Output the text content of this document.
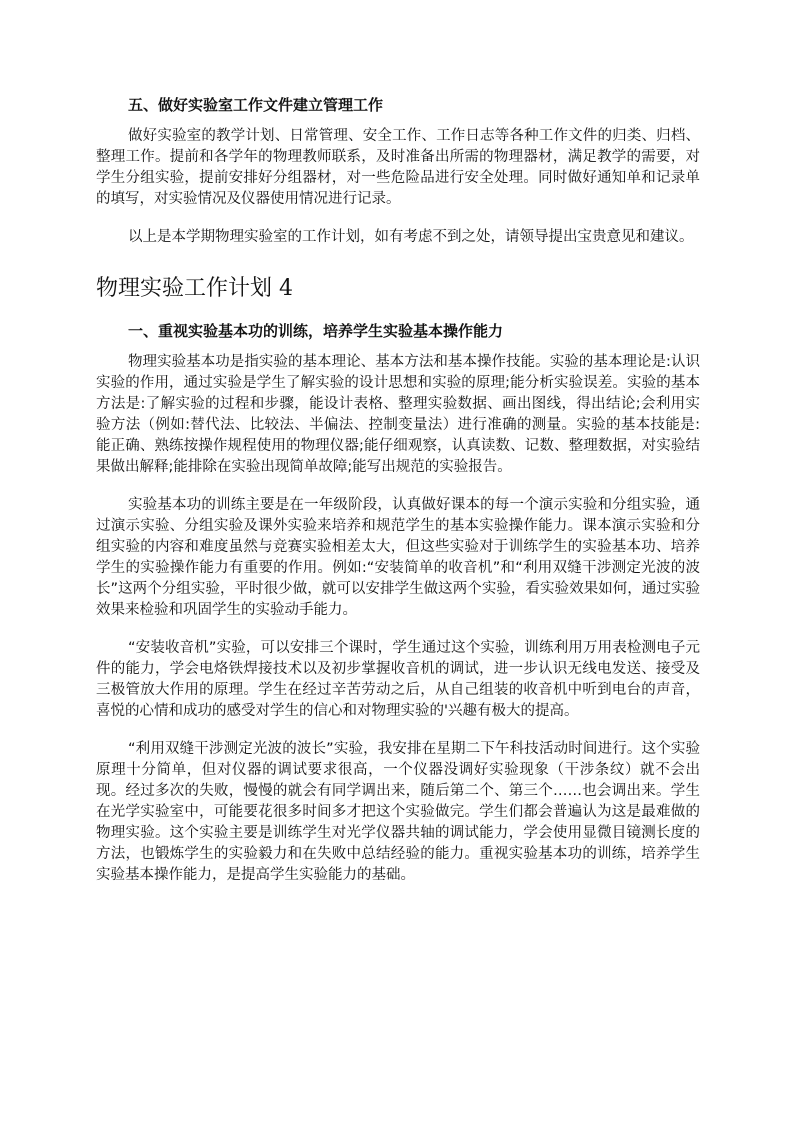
五、做好实验室工作文件建立管理工作

做好实验室的教学计划、日常管理、安全工作、工作日志等各种工作文件的归类、归档、整理工作。提前和各学年的物理教师联系，及时准备出所需的物理器材，满足教学的需要，对学生分组实验，提前安排好分组器材，对一些危险品进行安全处理。同时做好通知单和记录单的填写，对实验情况及仪器使用情况进行记录。

以上是本学期物理实验室的工作计划，如有考虑不到之处，请领导提出宝贵意见和建议。

物理实验工作计划 4
一、重视实验基本功的训练，培养学生实验基本操作能力

物理实验基本功是指实验的基本理论、基本方法和基本操作技能。实验的基本理论是:认识实验的作用，通过实验是学生了解实验的设计思想和实验的原理;能分析实验误差。实验的基本方法是:了解实验的过程和步骤，能设计表格、整理实验数据、画出图线，得出结论;会利用实验方法（例如:替代法、比较法、半偏法、控制变量法）进行准确的测量。实验的基本技能是:能正确、熟练按操作规程使用的物理仪器;能仔细观察，认真读数、记数、整理数据，对实验结果做出解释;能排除在实验出现简单故障;能写出规范的实验报告。

实验基本功的训练主要是在一年级阶段，认真做好课本的每一个演示实验和分组实验，通过演示实验、分组实验及课外实验来培养和规范学生的基本实验操作能力。课本演示实验和分组实验的内容和难度虽然与竞赛实验相差太大，但这些实验对于训练学生的实验基本功、培养学生的实验操作能力有重要的作用。例如:“安装简单的收音机”和“利用双缝干涉测定光波的波长”这两个分组实验，平时很少做，就可以安排学生做这两个实验，看实验效果如何，通过实验效果来检验和巩固学生的实验动手能力。

“安装收音机”实验，可以安排三个课时，学生通过这个实验，训练利用万用表检测电子元件的能力，学会电烙铁焊接技术以及初步掌握收音机的调试，进一步认识无线电发送、接受及三极管放大作用的原理。学生在经过辛苦劳动之后，从自己组装的收音机中听到电台的声音，喜悦的心情和成功的感受对学生的信心和对物理实验的'兴趣有极大的提高。

“利用双缝干涉测定光波的波长”实验，我安排在星期二下午科技活动时间进行。这个实验原理十分简单，但对仪器的调试要求很高，一个仪器没调好实验现象（干涉条纹）就不会出现。经过多次的失败，慢慢的就会有同学调出来，随后第二个、第三个……也会调出来。学生在光学实验室中，可能要花很多时间多才把这个实验做完。学生们都会普遍认为这是最难做的物理实验。这个实验主要是训练学生对光学仪器共轴的调试能力，学会使用显微目镜测长度的方法，也锻炼学生的实验毅力和在失败中总结经验的能力。重视实验基本功的训练，培养学生实验基本操作能力，是提高学生实验能力的基础。
